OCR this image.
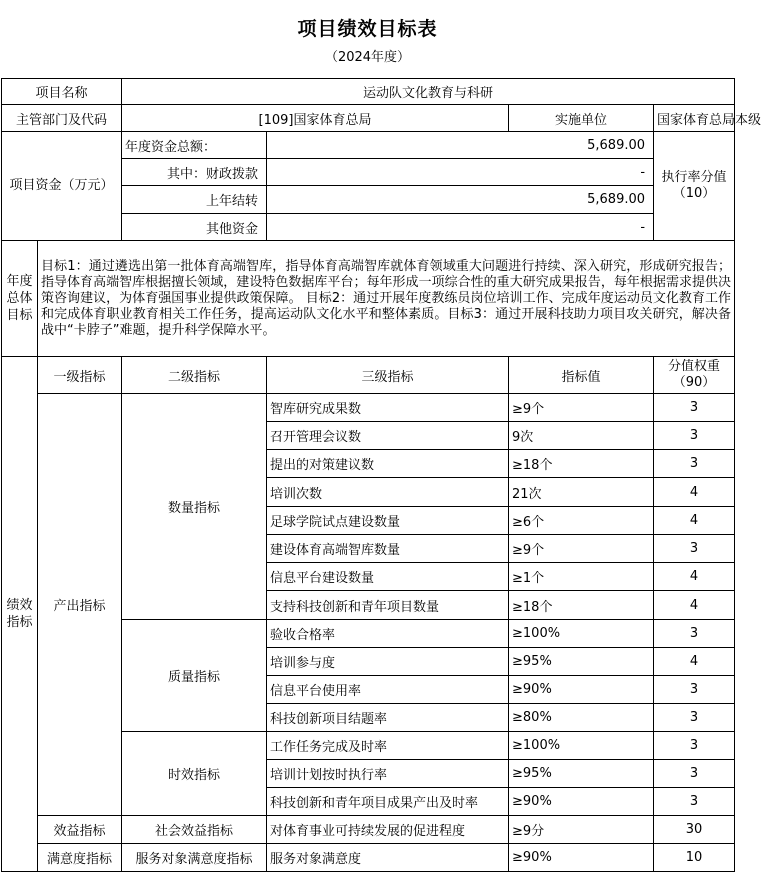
项目绩效目标表
（2024年度）
项目名称		运动队文化教育与科研			
主管部门及代码		[109]国家体育总局		实施单位	国家体育总局本级
项目资金（万元）		年度资金总额：	5,689.00		执行率分值（10）
		其中：财政拨款	-		
		上年结转	5,689.00		
		其他资金	-		
年度总体目标	目标1：通过遴选出第一批体育高端智库，指导体育高端智库就体育领域重大问题进行持续、深入研究，形成研究报告；指导体育高端智库根据擅长领域，建设特色数据库平台；每年形成一项综合性的重大研究成果报告，每年根据需求提供决策咨询建议，为体育强国事业提供政策保障。 目标2：通过开展年度教练员岗位培训工作、完成年度运动员文化教育工作和完成体育职业教育相关工作任务，提高运动队文化水平和整体素质。目标3：通过开展科技助力项目攻关研究，解决备战中“卡脖子”难题，提升科学保障水平。				
绩效指标	一级指标	二级指标	三级指标	指标值	分值权重（90）
	产出指标	数量指标	智库研究成果数	≥9个	3
			召开管理会议数	9次	3
			提出的对策建议数	≥18个	3
			培训次数	21次	4
			足球学院试点建设数量	≥6个	4
			建设体育高端智库数量	≥9个	3
			信息平台建设数量	≥1个	4
			支持科技创新和青年项目数量	≥18个	4
		质量指标	验收合格率	≥100%	3
			培训参与度	≥95%	4
			信息平台使用率	≥90%	3
			科技创新项目结题率	≥80%	3
		时效指标	工作任务完成及时率	≥100%	3
			培训计划按时执行率	≥95%	3
			科技创新和青年项目成果产出及时率	≥90%	3
	效益指标	社会效益指标	对体育事业可持续发展的促进程度	≥9分	30
	满意度指标	服务对象满意度指标	服务对象满意度	≥90%	10
